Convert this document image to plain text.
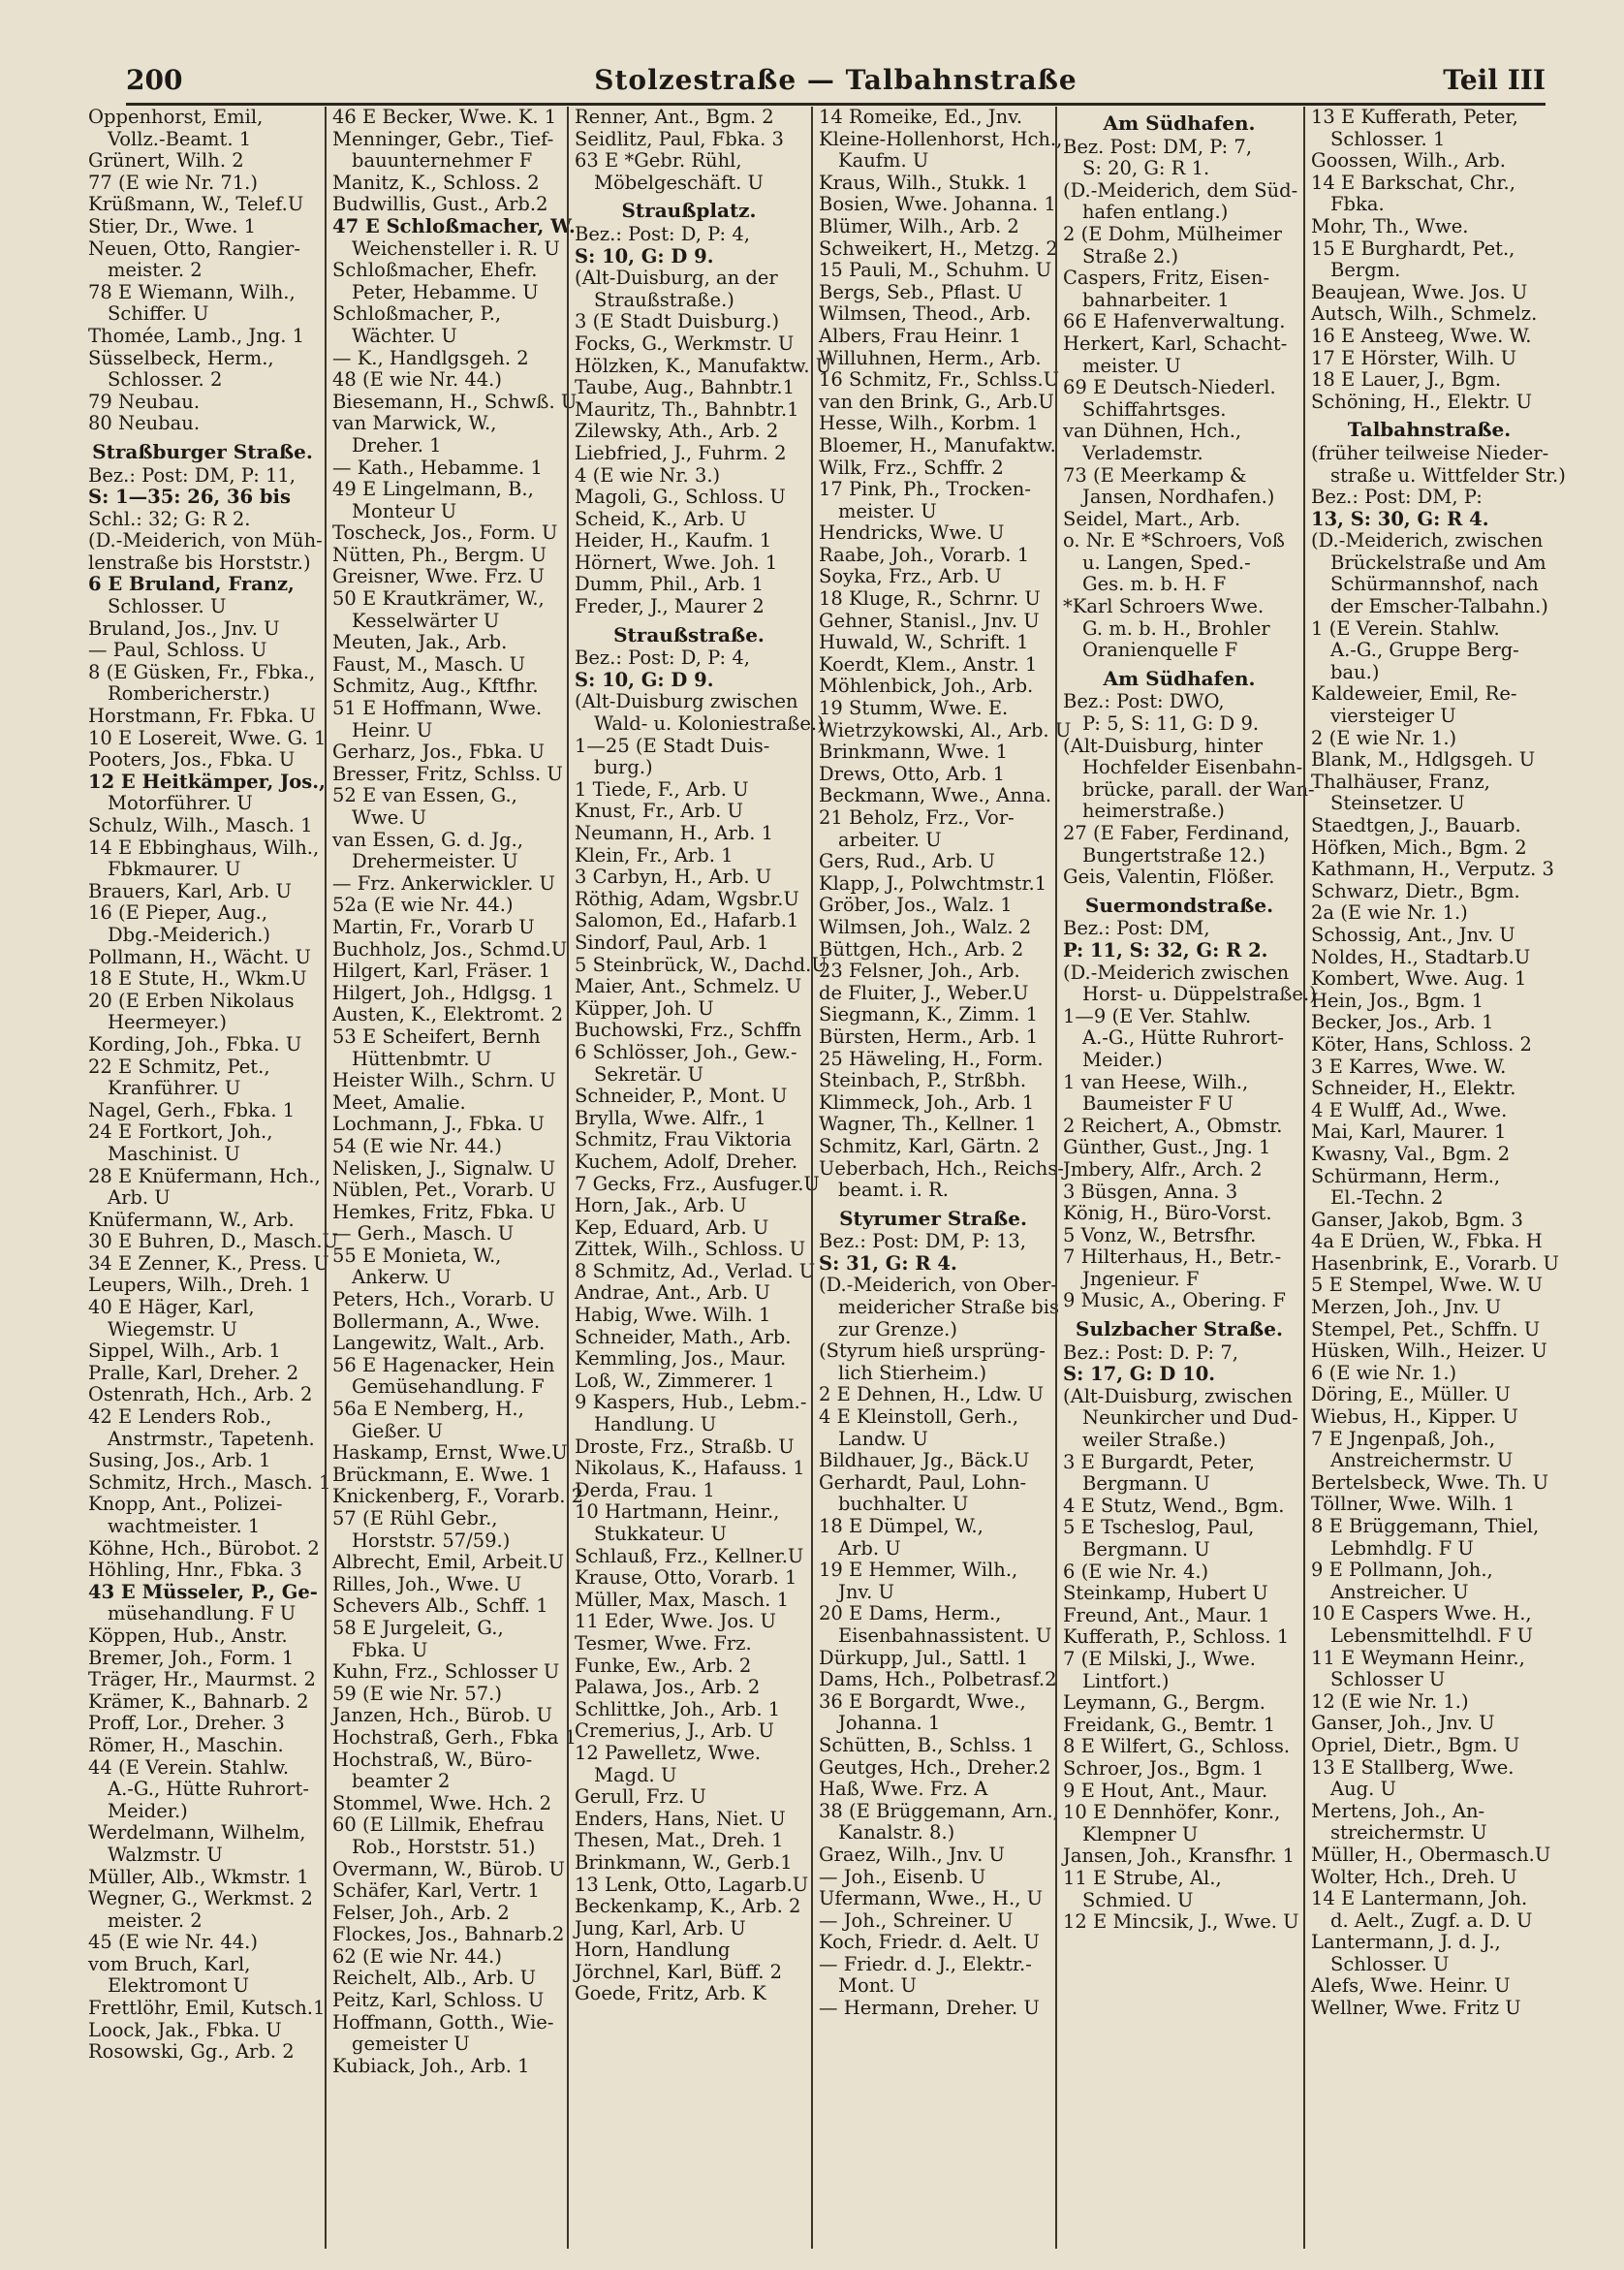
200	Stolzestraße — Talbahnstraße	Teil III
Oppenhorst, Emil,
Vollz.-Beamt. 1
Grünert, Wilh. 2
77 (E wie Nr. 71.)
Krüßmann, W., Telef.U
Stier, Dr., Wwe. 1
Neuen, Otto, Rangier-
meister. 2
78 E Wiemann, Wilh.,
Schiffer. U
Thomée, Lamb., Jng. 1
Süsselbeck, Herm.,
Schlosser. 2
79 Neubau.
80 Neubau.
Straßburger Straße.
Bez.: Post: DM, P: 11,
S: 1—35: 26, 36 bis
Schl.: 32; G: R 2.
(D.-Meiderich, von Müh-
lenstraße bis Horststr.)
6 E Bruland, Franz,
Schlosser. U
Bruland, Jos., Jnv. U
— Paul, Schloss. U
8 (E Güsken, Fr., Fbka.,
Rombericherstr.)
Horstmann, Fr. Fbka. U
10 E Losereit, Wwe. G. 1
Pooters, Jos., Fbka. U
12 E Heitkämper, Jos.,
Motorführer. U
Schulz, Wilh., Masch. 1
14 E Ebbinghaus, Wilh.,
Fbkmaurer. U
Brauers, Karl, Arb. U
16 (E Pieper, Aug.,
Dbg.-Meiderich.)
Pollmann, H., Wächt. U
18 E Stute, H., Wkm.U
20 (E Erben Nikolaus
Heermeyer.)
Kording, Joh., Fbka. U
22 E Schmitz, Pet.,
Kranführer. U
Nagel, Gerh., Fbka. 1
24 E Fortkort, Joh.,
Maschinist. U
28 E Knüfermann, Hch.,
Arb. U
Knüfermann, W., Arb.
30 E Buhren, D., Masch.U
34 E Zenner, K., Press. U
Leupers, Wilh., Dreh. 1
40 E Häger, Karl,
Wiegemstr. U
Sippel, Wilh., Arb. 1
Pralle, Karl, Dreher. 2
Ostenrath, Hch., Arb. 2
42 E Lenders Rob.,
Anstrmstr., Tapetenh.
Susing, Jos., Arb. 1
Schmitz, Hrch., Masch. 1
Knopp, Ant., Polizei-
wachtmeister. 1
Köhne, Hch., Bürobot. 2
Höhling, Hnr., Fbka. 3
43 E Müsseler, P., Ge-
müsehandlung. F U
Köppen, Hub., Anstr.
Bremer, Joh., Form. 1
Träger, Hr., Maurmst. 2
Krämer, K., Bahnarb. 2
Proff, Lor., Dreher. 3
Römer, H., Maschin.
44 (E Verein. Stahlw.
A.-G., Hütte Ruhrort-
Meider.)
Werdelmann, Wilhelm,
Walzmstr. U
Müller, Alb., Wkmstr. 1
Wegner, G., Werkmst. 2
meister. 2
45 (E wie Nr. 44.)
vom Bruch, Karl,
Elektromont U
Frettlöhr, Emil, Kutsch.1
Loock, Jak., Fbka. U
Rosowski, Gg., Arb. 2
46 E Becker, Wwe. K. 1
Menninger, Gebr., Tief-
bauunternehmer F
Manitz, K., Schloss. 2
Budwillis, Gust., Arb.2
47 E Schloßmacher, W.
Weichensteller i. R. U
Schloßmacher, Ehefr.
Peter, Hebamme. U
Schloßmacher, P.,
Wächter. U
— K., Handlgsgeh. 2
48 (E wie Nr. 44.)
Biesemann, H., Schwß. U
van Marwick, W.,
Dreher. 1
— Kath., Hebamme. 1
49 E Lingelmann, B.,
Monteur U
Toscheck, Jos., Form. U
Nütten, Ph., Bergm. U
Greisner, Wwe. Frz. U
50 E Krautkrämer, W.,
Kesselwärter U
Meuten, Jak., Arb.
Faust, M., Masch. U
Schmitz, Aug., Kftfhr.
51 E Hoffmann, Wwe.
Heinr. U
Gerharz, Jos., Fbka. U
Bresser, Fritz, Schlss. U
52 E van Essen, G.,
Wwe. U
van Essen, G. d. Jg.,
Drehermeister. U
— Frz. Ankerwickler. U
52a (E wie Nr. 44.)
Martin, Fr., Vorarb U
Buchholz, Jos., Schmd.U
Hilgert, Karl, Fräser. 1
Hilgert, Joh., Hdlgsg. 1
Austen, K., Elektromt. 2
53 E Scheifert, Bernh
Hüttenbmtr. U
Heister Wilh., Schrn. U
Meet, Amalie.
Lochmann, J., Fbka. U
54 (E wie Nr. 44.)
Nelisken, J., Signalw. U
Nüblen, Pet., Vorarb. U
Hemkes, Fritz, Fbka. U
— Gerh., Masch. U
55 E Monieta, W.,
Ankerw. U
Peters, Hch., Vorarb. U
Bollermann, A., Wwe.
Langewitz, Walt., Arb.
56 E Hagenacker, Hein
Gemüsehandlung. F
56a E Nemberg, H.,
Gießer. U
Haskamp, Ernst, Wwe.U
Brückmann, E. Wwe. 1
Knickenberg, F., Vorarb. 2
57 (E Rühl Gebr.,
Horststr. 57/59.)
Albrecht, Emil, Arbeit.U
Rilles, Joh., Wwe. U
Schevers Alb., Schff. 1
58 E Jurgeleit, G.,
Fbka. U
Kuhn, Frz., Schlosser U
59 (E wie Nr. 57.)
Janzen, Hch., Bürob. U
Hochstraß, Gerh., Fbka 1
Hochstraß, W., Büro-
beamter 2
Stommel, Wwe. Hch. 2
60 (E Lillmik, Ehefrau
Rob., Horststr. 51.)
Overmann, W., Bürob. U
Schäfer, Karl, Vertr. 1
Felser, Joh., Arb. 2
Flockes, Jos., Bahnarb.2
62 (E wie Nr. 44.)
Reichelt, Alb., Arb. U
Peitz, Karl, Schloss. U
Hoffmann, Gotth., Wie-
gemeister U
Kubiack, Joh., Arb. 1
Renner, Ant., Bgm. 2
Seidlitz, Paul, Fbka. 3
63 E *Gebr. Rühl,
Möbelgeschäft. U
Straußplatz.
Bez.: Post: D, P: 4,
S: 10, G: D 9.
(Alt-Duisburg, an der
Straußstraße.)
3 (E Stadt Duisburg.)
Focks, G., Werkmstr. U
Hölzken, K., Manufaktw. U
Taube, Aug., Bahnbtr.1
Mauritz, Th., Bahnbtr.1
Zilewsky, Ath., Arb. 2
Liebfried, J., Fuhrm. 2
4 (E wie Nr. 3.)
Magoli, G., Schloss. U
Scheid, K., Arb. U
Heider, H., Kaufm. 1
Hörnert, Wwe. Joh. 1
Dumm, Phil., Arb. 1
Freder, J., Maurer 2
Straußstraße.
Bez.: Post: D, P: 4,
S: 10, G: D 9.
(Alt-Duisburg zwischen
Wald- u. Koloniestraße.)
1—25 (E Stadt Duis-
burg.)
1 Tiede, F., Arb. U
Knust, Fr., Arb. U
Neumann, H., Arb. 1
Klein, Fr., Arb. 1
3 Carbyn, H., Arb. U
Röthig, Adam, Wgsbr.U
Salomon, Ed., Hafarb.1
Sindorf, Paul, Arb. 1
5 Steinbrück, W., Dachd.U
Maier, Ant., Schmelz. U
Küpper, Joh. U
Buchowski, Frz., Schffn
6 Schlösser, Joh., Gew.-
Sekretär. U
Schneider, P., Mont. U
Brylla, Wwe. Alfr., 1
Schmitz, Frau Viktoria
Kuchem, Adolf, Dreher.
7 Gecks, Frz., Ausfuger.U
Horn, Jak., Arb. U
Kep, Eduard, Arb. U
Zittek, Wilh., Schloss. U
8 Schmitz, Ad., Verlad. U
Andrae, Ant., Arb. U
Habig, Wwe. Wilh. 1
Schneider, Math., Arb.
Kemmling, Jos., Maur.
Loß, W., Zimmerer. 1
9 Kaspers, Hub., Lebm.-
Handlung. U
Droste, Frz., Straßb. U
Nikolaus, K., Hafauss. 1
Derda, Frau. 1
10 Hartmann, Heinr.,
Stukkateur. U
Schlauß, Frz., Kellner.U
Krause, Otto, Vorarb. 1
Müller, Max, Masch. 1
11 Eder, Wwe. Jos. U
Tesmer, Wwe. Frz.
Funke, Ew., Arb. 2
Palawa, Jos., Arb. 2
Schlittke, Joh., Arb. 1
Cremerius, J., Arb. U
12 Pawelletz, Wwe.
Magd. U
Gerull, Frz. U
Enders, Hans, Niet. U
Thesen, Mat., Dreh. 1
Brinkmann, W., Gerb.1
13 Lenk, Otto, Lagarb.U
Beckenkamp, K., Arb. 2
Jung, Karl, Arb. U
Horn, Handlung
Jörchnel, Karl, Büff. 2
Goede, Fritz, Arb. K
14 Romeike, Ed., Jnv.
Kleine-Hollenhorst, Hch.,
Kaufm. U
Kraus, Wilh., Stukk. 1
Bosien, Wwe. Johanna. 1
Blümer, Wilh., Arb. 2
Schweikert, H., Metzg. 2
15 Pauli, M., Schuhm. U
Bergs, Seb., Pflast. U
Wilmsen, Theod., Arb.
Albers, Frau Heinr. 1
Willuhnen, Herm., Arb.
16 Schmitz, Fr., Schlss.U
van den Brink, G., Arb.U
Hesse, Wilh., Korbm. 1
Bloemer, H., Manufaktw.
Wilk, Frz., Schffr. 2
17 Pink, Ph., Trocken-
meister. U
Hendricks, Wwe. U
Raabe, Joh., Vorarb. 1
Soyka, Frz., Arb. U
18 Kluge, R., Schrnr. U
Gehner, Stanisl., Jnv. U
Huwald, W., Schrift. 1
Koerdt, Klem., Anstr. 1
Möhlenbick, Joh., Arb.
19 Stumm, Wwe. E.
Wietrzykowski, Al., Arb. U
Brinkmann, Wwe. 1
Drews, Otto, Arb. 1
Beckmann, Wwe., Anna.
21 Beholz, Frz., Vor-
arbeiter. U
Gers, Rud., Arb. U
Klapp, J., Polwchtmstr.1
Gröber, Jos., Walz. 1
Wilmsen, Joh., Walz. 2
Büttgen, Hch., Arb. 2
23 Felsner, Joh., Arb.
de Fluiter, J., Weber.U
Siegmann, K., Zimm. 1
Bürsten, Herm., Arb. 1
25 Häweling, H., Form.
Steinbach, P., Strßbh.
Klimmeck, Joh., Arb. 1
Wagner, Th., Kellner. 1
Schmitz, Karl, Gärtn. 2
Ueberbach, Hch., Reichs-
beamt. i. R.
Styrumer Straße.
Bez.: Post: DM, P: 13,
S: 31, G: R 4.
(D.-Meiderich, von Ober-
meidericher Straße bis
zur Grenze.)
(Styrum hieß ursprüng-
lich Stierheim.)
2 E Dehnen, H., Ldw. U
4 E Kleinstoll, Gerh.,
Landw. U
Bildhauer, Jg., Bäck.U
Gerhardt, Paul, Lohn-
buchhalter. U
18 E Dümpel, W.,
Arb. U
19 E Hemmer, Wilh.,
Jnv. U
20 E Dams, Herm.,
Eisenbahnassistent. U
Dürkupp, Jul., Sattl. 1
Dams, Hch., Polbetrasf.2
36 E Borgardt, Wwe.,
Johanna. 1
Schütten, B., Schlss. 1
Geutges, Hch., Dreher.2
Haß, Wwe. Frz. A
38 (E Brüggemann, Arn.,
Kanalstr. 8.)
Graez, Wilh., Jnv. U
— Joh., Eisenb. U
Ufermann, Wwe., H., U
— Joh., Schreiner. U
Koch, Friedr. d. Aelt. U
— Friedr. d. J., Elektr.-
Mont. U
— Hermann, Dreher. U
Am Südhafen.
Bez. Post: DM, P: 7,
S: 20, G: R 1.
(D.-Meiderich, dem Süd-
hafen entlang.)
2 (E Dohm, Mülheimer
Straße 2.)
Caspers, Fritz, Eisen-
bahnarbeiter. 1
66 E Hafenverwaltung.
Herkert, Karl, Schacht-
meister. U
69 E Deutsch-Niederl.
Schiffahrtsges.
van Dühnen, Hch.,
Verlademstr.
73 (E Meerkamp &
Jansen, Nordhafen.)
Seidel, Mart., Arb.
o. Nr. E *Schroers, Voß
u. Langen, Sped.-
Ges. m. b. H. F
*Karl Schroers Wwe.
G. m. b. H., Brohler
Oranienquelle F
Am Südhafen.
Bez.: Post: DWO,
P: 5, S: 11, G: D 9.
(Alt-Duisburg, hinter
Hochfelder Eisenbahn-
brücke, parall. der Wan-
heimerstraße.)
27 (E Faber, Ferdinand,
Bungertstraße 12.)
Geis, Valentin, Flößer.
Suermondstraße.
Bez.: Post: DM,
P: 11, S: 32, G: R 2.
(D.-Meiderich zwischen
Horst- u. Düppelstraße.)
1—9 (E Ver. Stahlw.
A.-G., Hütte Ruhrort-
Meider.)
1 van Heese, Wilh.,
Baumeister F U
2 Reichert, A., Obmstr.
Günther, Gust., Jng. 1
Jmbery, Alfr., Arch. 2
3 Büsgen, Anna. 3
König, H., Büro-Vorst.
5 Vonz, W., Betrsfhr.
7 Hilterhaus, H., Betr.-
Jngenieur. F
9 Music, A., Obering. F
Sulzbacher Straße.
Bez.: Post: D. P: 7,
S: 17, G: D 10.
(Alt-Duisburg, zwischen
Neunkircher und Dud-
weiler Straße.)
3 E Burgardt, Peter,
Bergmann. U
4 E Stutz, Wend., Bgm.
5 E Tscheslog, Paul,
Bergmann. U
6 (E wie Nr. 4.)
Steinkamp, Hubert U
Freund, Ant., Maur. 1
Kufferath, P., Schloss. 1
7 (E Milski, J., Wwe.
Lintfort.)
Leymann, G., Bergm.
Freidank, G., Bemtr. 1
8 E Wilfert, G., Schloss.
Schroer, Jos., Bgm. 1
9 E Hout, Ant., Maur.
10 E Dennhöfer, Konr.,
Klempner U
Jansen, Joh., Kransfhr. 1
11 E Strube, Al.,
Schmied. U
12 E Mincsik, J., Wwe. U
13 E Kufferath, Peter,
Schlosser. 1
Goossen, Wilh., Arb.
14 E Barkschat, Chr.,
Fbka.
Mohr, Th., Wwe.
15 E Burghardt, Pet.,
Bergm.
Beaujean, Wwe. Jos. U
Autsch, Wilh., Schmelz.
16 E Ansteeg, Wwe. W.
17 E Hörster, Wilh. U
18 E Lauer, J., Bgm.
Schöning, H., Elektr. U
Talbahnstraße.
(früher teilweise Nieder-
straße u. Wittfelder Str.)
Bez.: Post: DM, P:
13, S: 30, G: R 4.
(D.-Meiderich, zwischen
Brückelstraße und Am
Schürmannshof, nach
der Emscher-Talbahn.)
1 (E Verein. Stahlw.
A.-G., Gruppe Berg-
bau.)
Kaldeweier, Emil, Re-
viersteiger U
2 (E wie Nr. 1.)
Blank, M., Hdlgsgeh. U
Thalhäuser, Franz,
Steinsetzer. U
Staedtgen, J., Bauarb.
Höfken, Mich., Bgm. 2
Kathmann, H., Verputz. 3
Schwarz, Dietr., Bgm.
2a (E wie Nr. 1.)
Schossig, Ant., Jnv. U
Noldes, H., Stadtarb.U
Kombert, Wwe. Aug. 1
Hein, Jos., Bgm. 1
Becker, Jos., Arb. 1
Köter, Hans, Schloss. 2
3 E Karres, Wwe. W.
Schneider, H., Elektr.
4 E Wulff, Ad., Wwe.
Mai, Karl, Maurer. 1
Kwasny, Val., Bgm. 2
Schürmann, Herm.,
El.-Techn. 2
Ganser, Jakob, Bgm. 3
4a E Drüen, W., Fbka. H
Hasenbrink, E., Vorarb. U
5 E Stempel, Wwe. W. U
Merzen, Joh., Jnv. U
Stempel, Pet., Schffn. U
Hüsken, Wilh., Heizer. U
6 (E wie Nr. 1.)
Döring, E., Müller. U
Wiebus, H., Kipper. U
7 E Jngenpaß, Joh.,
Anstreichermstr. U
Bertelsbeck, Wwe. Th. U
Töllner, Wwe. Wilh. 1
8 E Brüggemann, Thiel,
Lebmhdlg. F U
9 E Pollmann, Joh.,
Anstreicher. U
10 E Caspers Wwe. H.,
Lebensmittelhdl. F U
11 E Weymann Heinr.,
Schlosser U
12 (E wie Nr. 1.)
Ganser, Joh., Jnv. U
Opriel, Dietr., Bgm. U
13 E Stallberg, Wwe.
Aug. U
Mertens, Joh., An-
streichermstr. U
Müller, H., Obermasch.U
Wolter, Hch., Dreh. U
14 E Lantermann, Joh.
d. Aelt., Zugf. a. D. U
Lantermann, J. d. J.,
Schlosser. U
Alefs, Wwe. Heinr. U
Wellner, Wwe. Fritz U
